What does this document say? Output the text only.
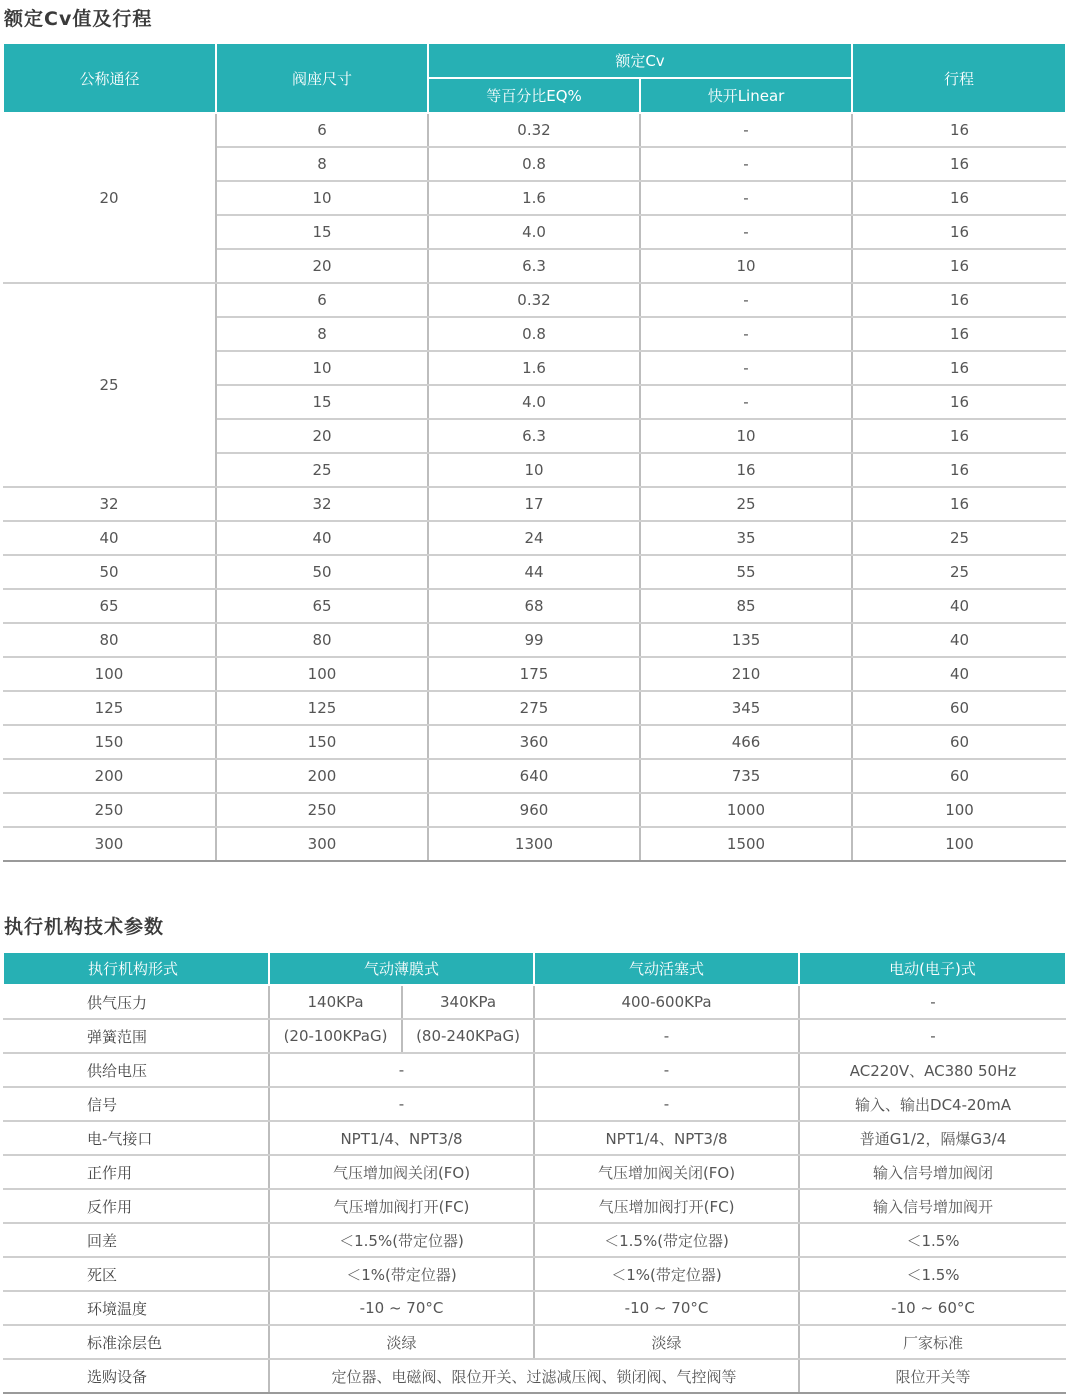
额定Cv值及行程
公称通径	阀座尺寸	额定Cv		行程
		等百分比EQ%	快开Linear	
20	6	0.32	-	16
	8	0.8	-	16
	10	1.6	-	16
	15	4.0	-	16
	20	6.3	10	16
25	6	0.32	-	16
	8	0.8	-	16
	10	1.6	-	16
	15	4.0	-	16
	20	6.3	10	16
	25	10	16	16
32	32	17	25	16
40	40	24	35	25
50	50	44	55	25
65	65	68	85	40
80	80	99	135	40
100	100	175	210	40
125	125	275	345	60
150	150	360	466	60
200	200	640	735	60
250	250	960	1000	100
300	300	1300	1500	100
执行机构技术参数
执行机构形式	气动薄膜式		气动活塞式	电动(电子)式
供气压力	140KPa	340KPa	400-600KPa	-
弹簧范围	(20-100KPaG)	(80-240KPaG)	-	-
供给电压	-		-	AC220V、AC380 50Hz
信号	-		-	输入、输出DC4-20mA
电-气接口	NPT1/4、NPT3/8		NPT1/4、NPT3/8	普通G1/2，隔爆G3/4
正作用	气压增加阀关闭(FO)		气压增加阀关闭(FO)	输入信号增加阀闭
反作用	气压增加阀打开(FC)		气压增加阀打开(FC)	输入信号增加阀开
回差	＜1.5%(带定位器)		＜1.5%(带定位器)	＜1.5%
死区	＜1%(带定位器)		＜1%(带定位器)	＜1.5%
环境温度	-10 ~ 70°C		-10 ~ 70°C	-10 ~ 60°C
标准涂层色	淡绿		淡绿	厂家标准
选购设备	定位器、电磁阀、限位开关、过滤减压阀、锁闭阀、气控阀等			限位开关等
